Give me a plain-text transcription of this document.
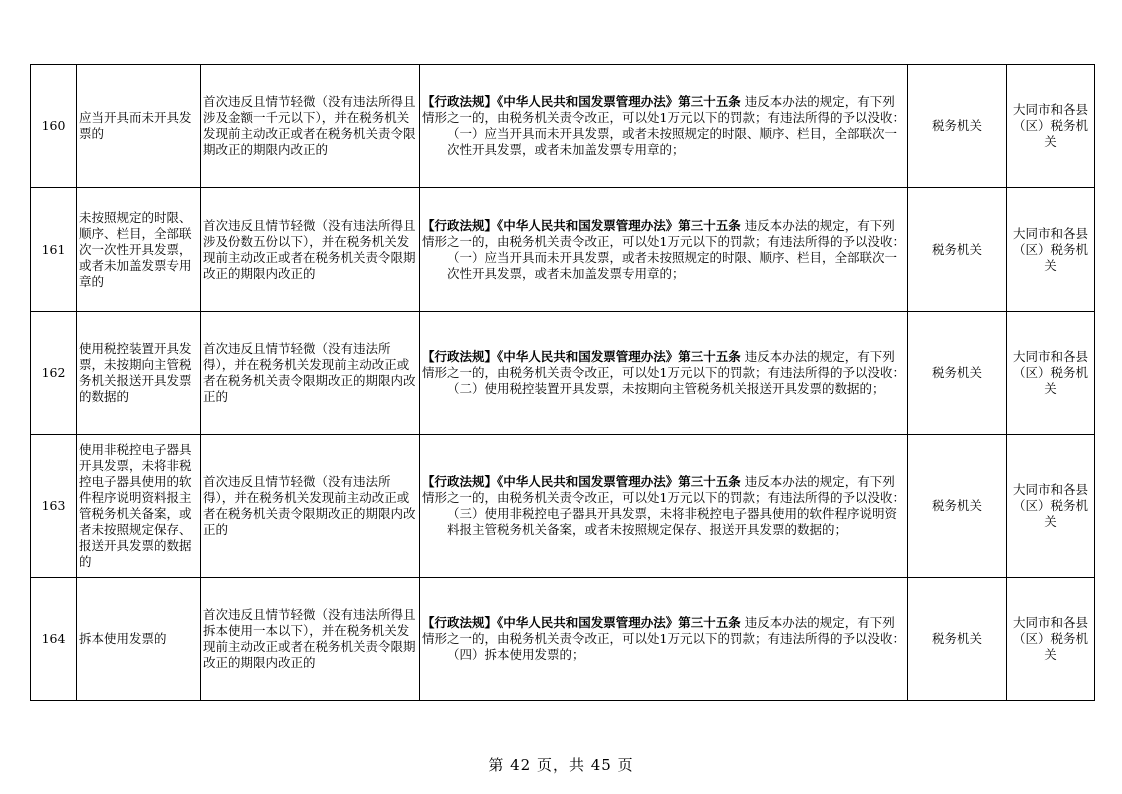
160	应当开具而未开具发票的	首次违反且情节轻微（没有违法所得且涉及金额一千元以下），并在税务机关发现前主动改正或者在税务机关责令限期改正的期限内改正的	【行政法规】《中华人民共和国发票管理办法》第三十五条 违反本办法的规定，有下列情形之一的，由税务机关责令改正，可以处1万元以下的罚款；有违法所得的予以没收：
（一）应当开具而未开具发票，或者未按照规定的时限、顺序、栏目，全部联次一次性开具发票，或者未加盖发票专用章的；	税务机关	大同市和各县（区）税务机关
161	未按照规定的时限、顺序、栏目，全部联次一次性开具发票，或者未加盖发票专用章的	首次违反且情节轻微（没有违法所得且涉及份数五份以下），并在税务机关发现前主动改正或者在税务机关责令限期改正的期限内改正的	【行政法规】《中华人民共和国发票管理办法》第三十五条 违反本办法的规定，有下列情形之一的，由税务机关责令改正，可以处1万元以下的罚款；有违法所得的予以没收：
（一）应当开具而未开具发票，或者未按照规定的时限、顺序、栏目，全部联次一次性开具发票，或者未加盖发票专用章的；	税务机关	大同市和各县（区）税务机关
162	使用税控装置开具发票，未按期向主管税务机关报送开具发票的数据的	首次违反且情节轻微（没有违法所得），并在税务机关发现前主动改正或者在税务机关责令限期改正的期限内改正的	【行政法规】《中华人民共和国发票管理办法》第三十五条 违反本办法的规定，有下列情形之一的，由税务机关责令改正，可以处1万元以下的罚款；有违法所得的予以没收：
（二）使用税控装置开具发票，未按期向主管税务机关报送开具发票的数据的；	税务机关	大同市和各县（区）税务机关
163	使用非税控电子器具开具发票，未将非税控电子器具使用的软件程序说明资料报主管税务机关备案，或者未按照规定保存、报送开具发票的数据的	首次违反且情节轻微（没有违法所得），并在税务机关发现前主动改正或者在税务机关责令限期改正的期限内改正的	【行政法规】《中华人民共和国发票管理办法》第三十五条 违反本办法的规定，有下列情形之一的，由税务机关责令改正，可以处1万元以下的罚款；有违法所得的予以没收：
（三）使用非税控电子器具开具发票，未将非税控电子器具使用的软件程序说明资料报主管税务机关备案，或者未按照规定保存、报送开具发票的数据的；	税务机关	大同市和各县（区）税务机关
164	拆本使用发票的	首次违反且情节轻微（没有违法所得且拆本使用一本以下），并在税务机关发现前主动改正或者在税务机关责令限期改正的期限内改正的	【行政法规】《中华人民共和国发票管理办法》第三十五条 违反本办法的规定，有下列情形之一的，由税务机关责令改正，可以处1万元以下的罚款；有违法所得的予以没收：
（四）拆本使用发票的；	税务机关	大同市和各县（区）税务机关
第 42 页，共 45 页
